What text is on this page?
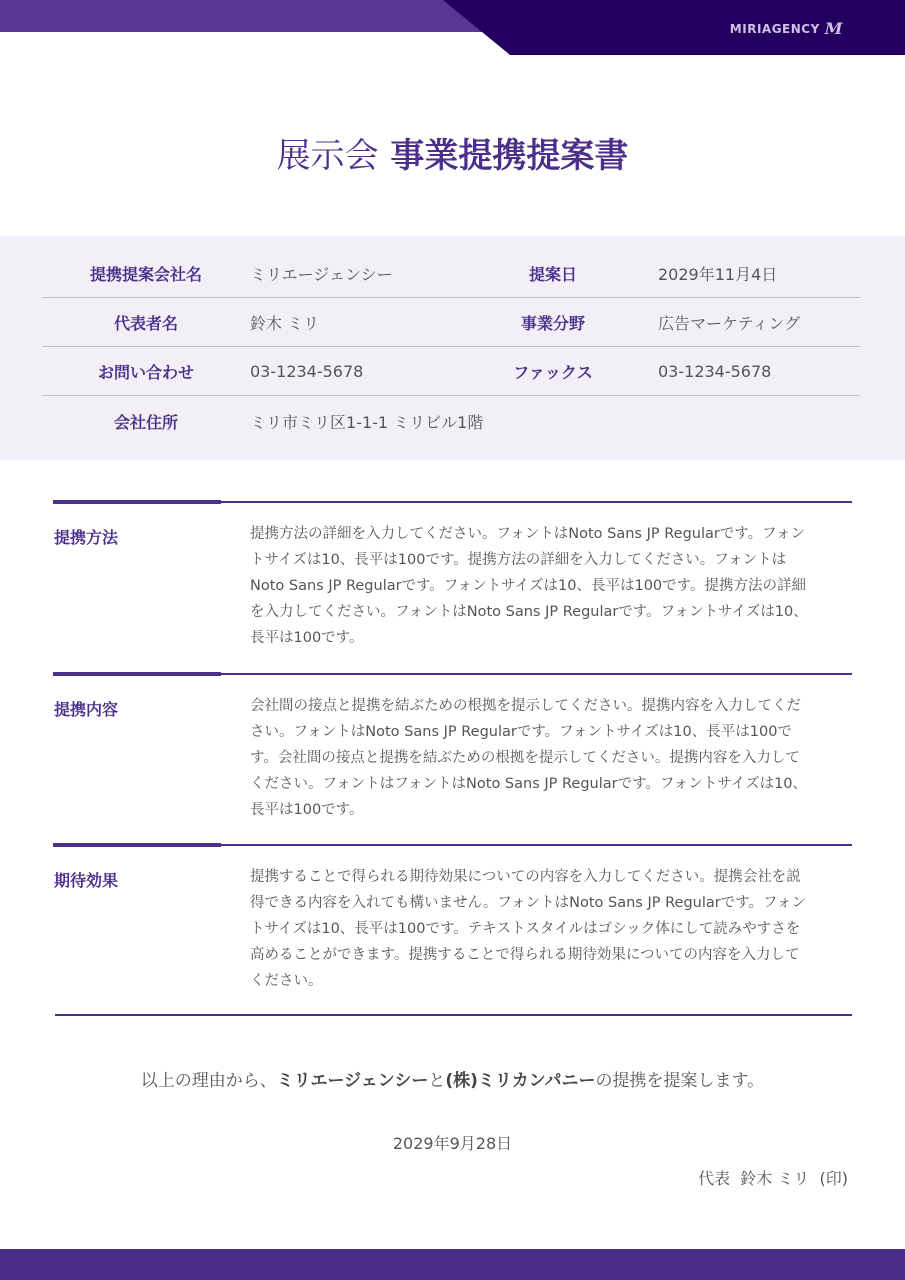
MIRIAGENCY M
展示会 事業提携提案書
提携提案会社名	ミリエージェンシー	提案日	2029年11月4日
代表者名	鈴木 ミリ	事業分野	広告マーケティング
お問い合わせ	03-1234-5678	ファックス	03-1234-5678
会社住所	ミリ市ミリ区1-1-1 ミリビル1階
提携方法	提携方法の詳細を入力してください。フォントはNoto Sans JP Regularです。フォントサイズは10、長平は100です。提携方法の詳細を入力してください。フォントはNoto Sans JP Regularです。フォントサイズは10、長平は100です。提携方法の詳細を入力してください。フォントはNoto Sans JP Regularです。フォントサイズは10、長平は100です。

提携内容	会社間の接点と提携を結ぶための根拠を提示してください。提携内容を入力してください。フォントはNoto Sans JP Regularです。フォントサイズは10、長平は100です。会社間の接点と提携を結ぶための根拠を提示してください。提携内容を入力してください。フォントはフォントはNoto Sans JP Regularです。フォントサイズは10、長平は100です。

期待効果	提携することで得られる期待効果についての内容を入力してください。提携会社を説得できる内容を入れても構いません。フォントはNoto Sans JP Regularです。フォントサイズは10、長平は100です。テキストスタイルはゴシック体にして読みやすさを高めることができます。提携することで得られる期待効果についての内容を入力してください。

以上の理由から、ミリエージェンシーと(株)ミリカンパニーの提携を提案します。
2029年9月28日
代表  鈴木 ミリ  (印)
